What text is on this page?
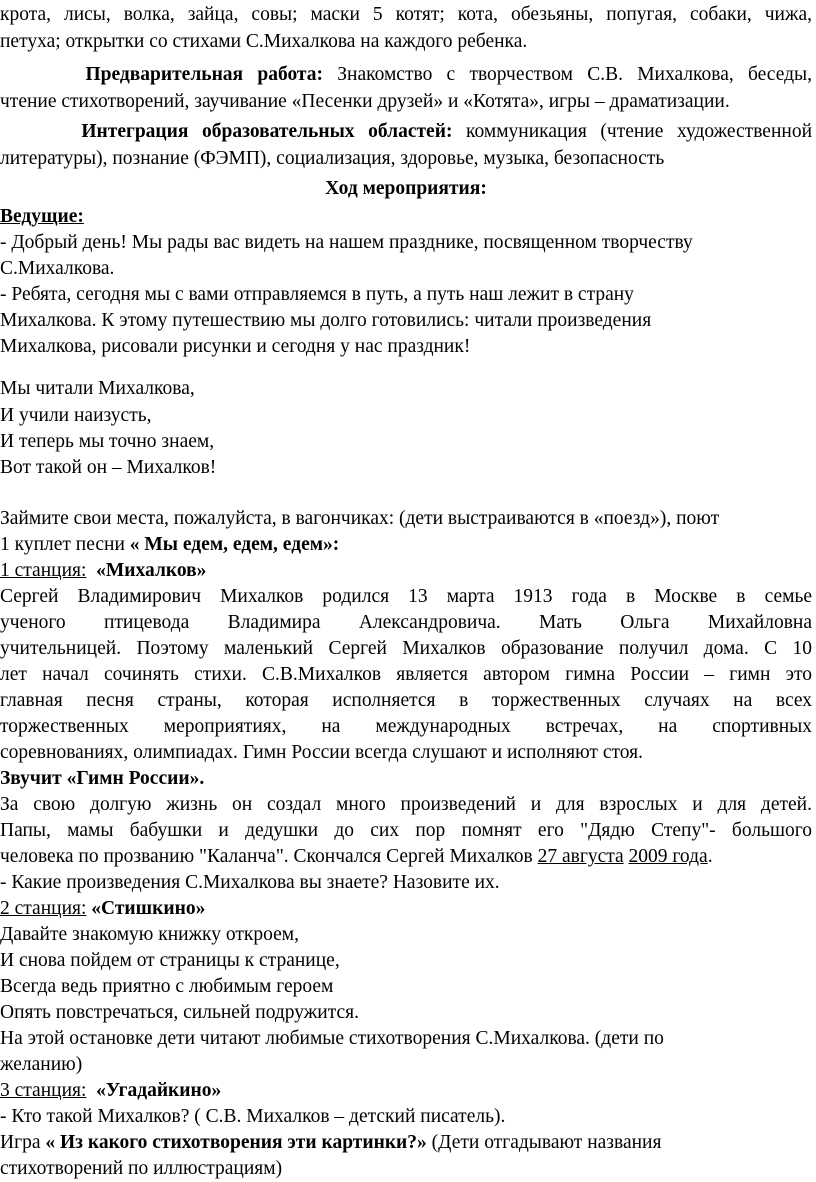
крота, лисы, волка, зайца, совы; маски 5 котят; кота, обезьяны, попугая, собаки, чижа,
петуха; открытки со стихами С.Михалкова на каждого ребенка.
Предварительная работа: Знакомство с творчеством С.В. Михалкова, беседы,
чтение стихотворений, заучивание «Песенки друзей» и «Котята», игры – драматизации.
Интеграция образовательных областей: коммуникация (чтение художественной
литературы), познание (ФЭМП), социализация, здоровье, музыка, безопасность
Ход мероприятия:
Ведущие:
- Добрый день! Мы рады вас видеть на нашем празднике, посвященном творчеству
С.Михалкова.
- Ребята, сегодня мы с вами отправляемся в путь, а путь наш лежит в страну
Михалкова. К этому путешествию мы долго готовились: читали произведения
Михалкова, рисовали рисунки и сегодня у нас праздник!
Мы читали Михалкова,
И учили наизусть,
И теперь мы точно знаем,
Вот такой он – Михалков!
Займите свои места, пожалуйста, в вагончиках: (дети выстраиваются в «поезд»), поют
1 куплет песни « Мы едем, едем, едем»:
1 станция: «Михалков»
Сергей Владимирович Михалков родился 13 марта 1913 года в Москве в семье
ученого птицевода Владимира Александровича. Мать Ольга Михайловна
учительницей. Поэтому маленький Сергей Михалков образование получил дома. С 10
лет начал сочинять стихи. С.В.Михалков является автором гимна России – гимн это
главная песня страны, которая исполняется в торжественных случаях на всех
торжественных мероприятиях, на международных встречах, на спортивных
соревнованиях, олимпиадах. Гимн России всегда слушают и исполняют стоя.
Звучит «Гимн России».
За свою долгую жизнь он создал много произведений и для взрослых и для детей.
Папы, мамы бабушки и дедушки до сих пор помнят его "Дядю Степу"- большого
человека по прозванию "Каланча". Скончался Сергей Михалков 27 августа 2009 года.
- Какие произведения С.Михалкова вы знаете? Назовите их.
2 станция: «Стишкино»
Давайте знакомую книжку откроем,
И снова пойдем от страницы к странице,
Всегда ведь приятно с любимым героем
Опять повстречаться, сильней подружится.
На этой остановке дети читают любимые стихотворения С.Михалкова. (дети по
желанию)
3 станция: «Угадайкино»
- Кто такой Михалков? ( С.В. Михалков – детский писатель).
Игра « Из какого стихотворения эти картинки?» (Дети отгадывают названия
стихотворений по иллюстрациям)
